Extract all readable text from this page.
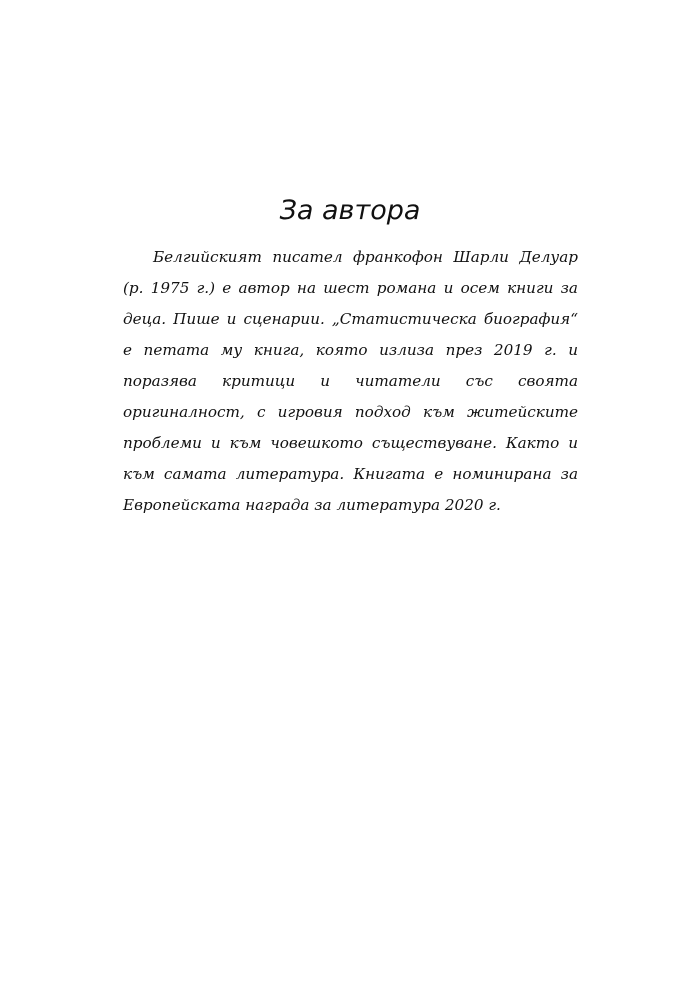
За автора

Белгийският писател франкофон Шарли Делуар (р. 1975 г.) е автор на шест романа и осем книги за деца. Пише и сценарии. „Статистическа биография“ е петата му книга, която излиза през 2019 г. и поразява критици и читатели със своята оригиналност, с игровия подход към житейските проблеми и към човешкото съществуване. Както и към самата литература. Книгата е номинирана за Европейската награда за литература 2020 г.
